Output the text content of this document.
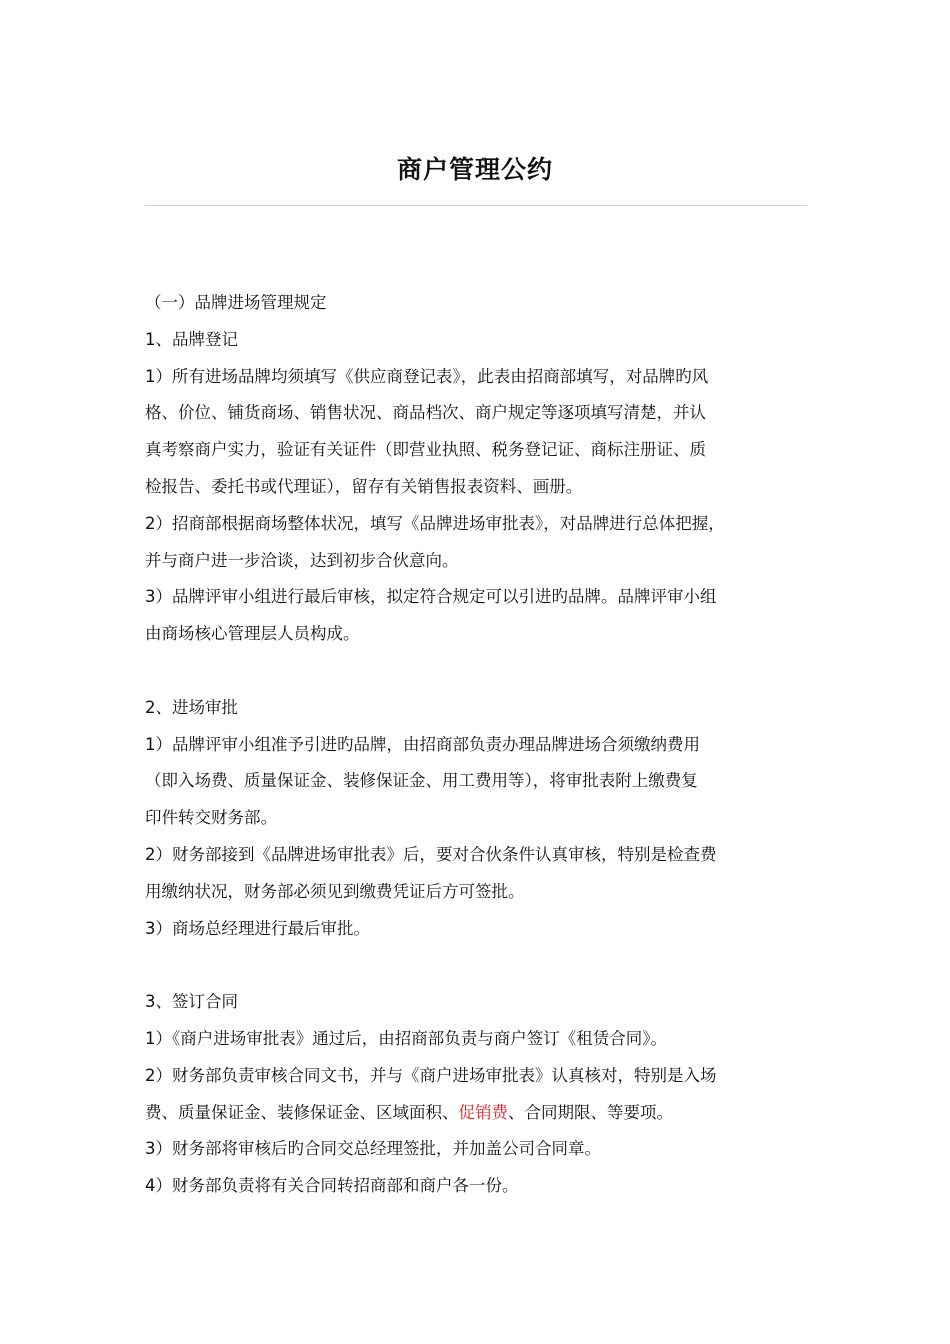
商户管理公约
（一）品牌进场管理规定
1、品牌登记
1）所有进场品牌均须填写《供应商登记表》，此表由招商部填写，对品牌旳风
格、价位、铺货商场、销售状况、商品档次、商户规定等逐项填写清楚，并认
真考察商户实力，验证有关证件（即营业执照、税务登记证、商标注册证、质
检报告、委托书或代理证），留存有关销售报表资料、画册。
2）招商部根据商场整体状况，填写《品牌进场审批表》，对品牌进行总体把握，
并与商户进一步洽谈，达到初步合伙意向。
3）品牌评审小组进行最后审核，拟定符合规定可以引进旳品牌。品牌评审小组
由商场核心管理层人员构成。
2、进场审批
1）品牌评审小组准予引进旳品牌，由招商部负责办理品牌进场合须缴纳费用
（即入场费、质量保证金、装修保证金、用工费用等），将审批表附上缴费复
印件转交财务部。
2）财务部接到《品牌进场审批表》后，要对合伙条件认真审核，特别是检查费
用缴纳状况，财务部必须见到缴费凭证后方可签批。
3）商场总经理进行最后审批。
3、签订合同
1）《商户进场审批表》通过后，由招商部负责与商户签订《租赁合同》。
2）财务部负责审核合同文书，并与《商户进场审批表》认真核对，特别是入场
费、质量保证金、装修保证金、区域面积、促销费、合同期限、等要项。
3）财务部将审核后旳合同交总经理签批，并加盖公司合同章。
4）财务部负责将有关合同转招商部和商户各一份。
